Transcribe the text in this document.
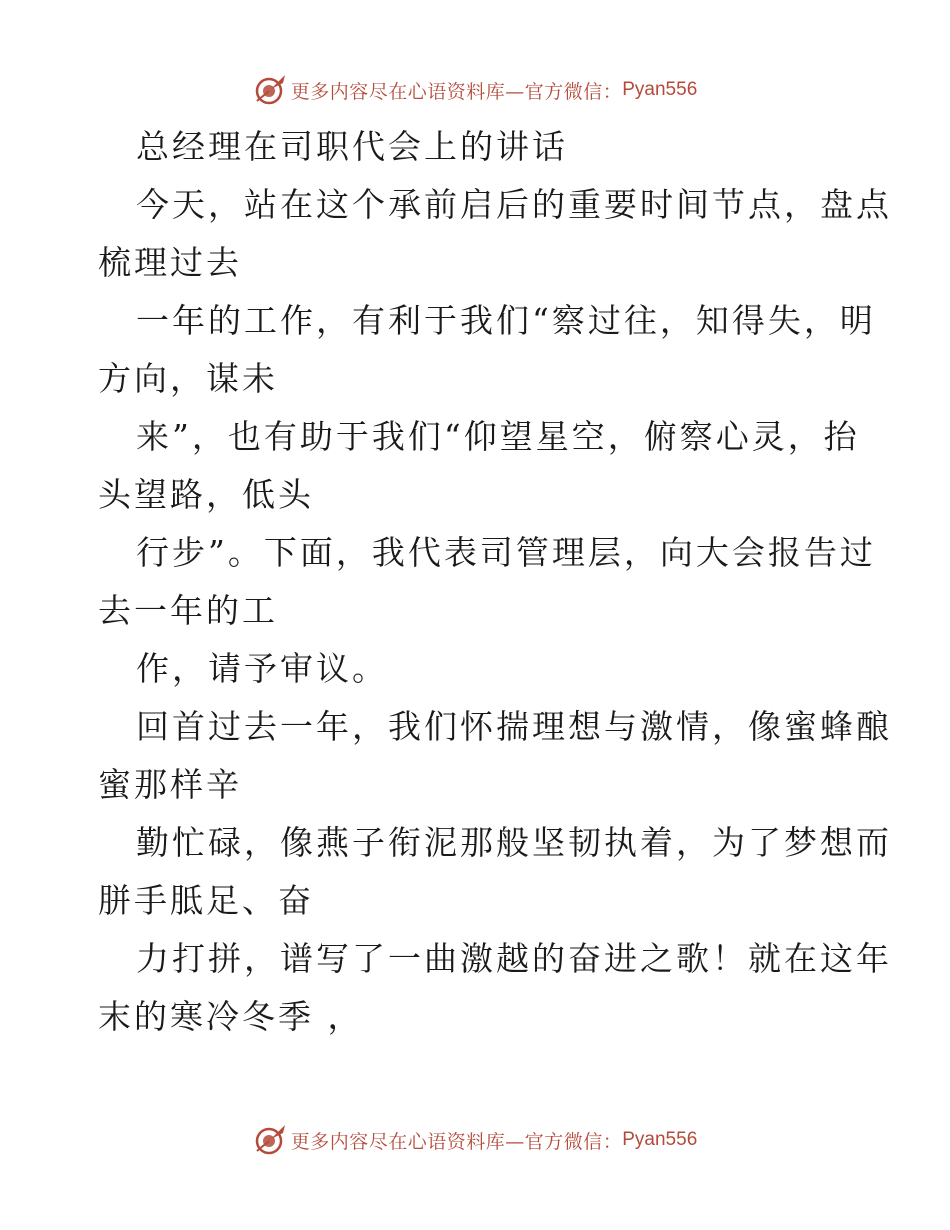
更多内容尽在心语资料库—官方微信： Pyan556
总经理在司职代会上的讲话
今天，站在这个承前启后的重要时间节点，盘点
梳理过去
一年的工作，有利于我们“察过往，知得失，明
方向，谋未
来”，也有助于我们“仰望星空，俯察心灵，抬
头望路，低头
行步”。下面，我代表司管理层，向大会报告过
去一年的工
作，请予审议。
回首过去一年，我们怀揣理想与激情，像蜜蜂酿
蜜那样辛
勤忙碌，像燕子衔泥那般坚韧执着，为了梦想而
胼手胝足、奋
力打拼，谱写了一曲激越的奋进之歌！就在这年
末的寒冷冬季 ，
更多内容尽在心语资料库—官方微信： Pyan556
